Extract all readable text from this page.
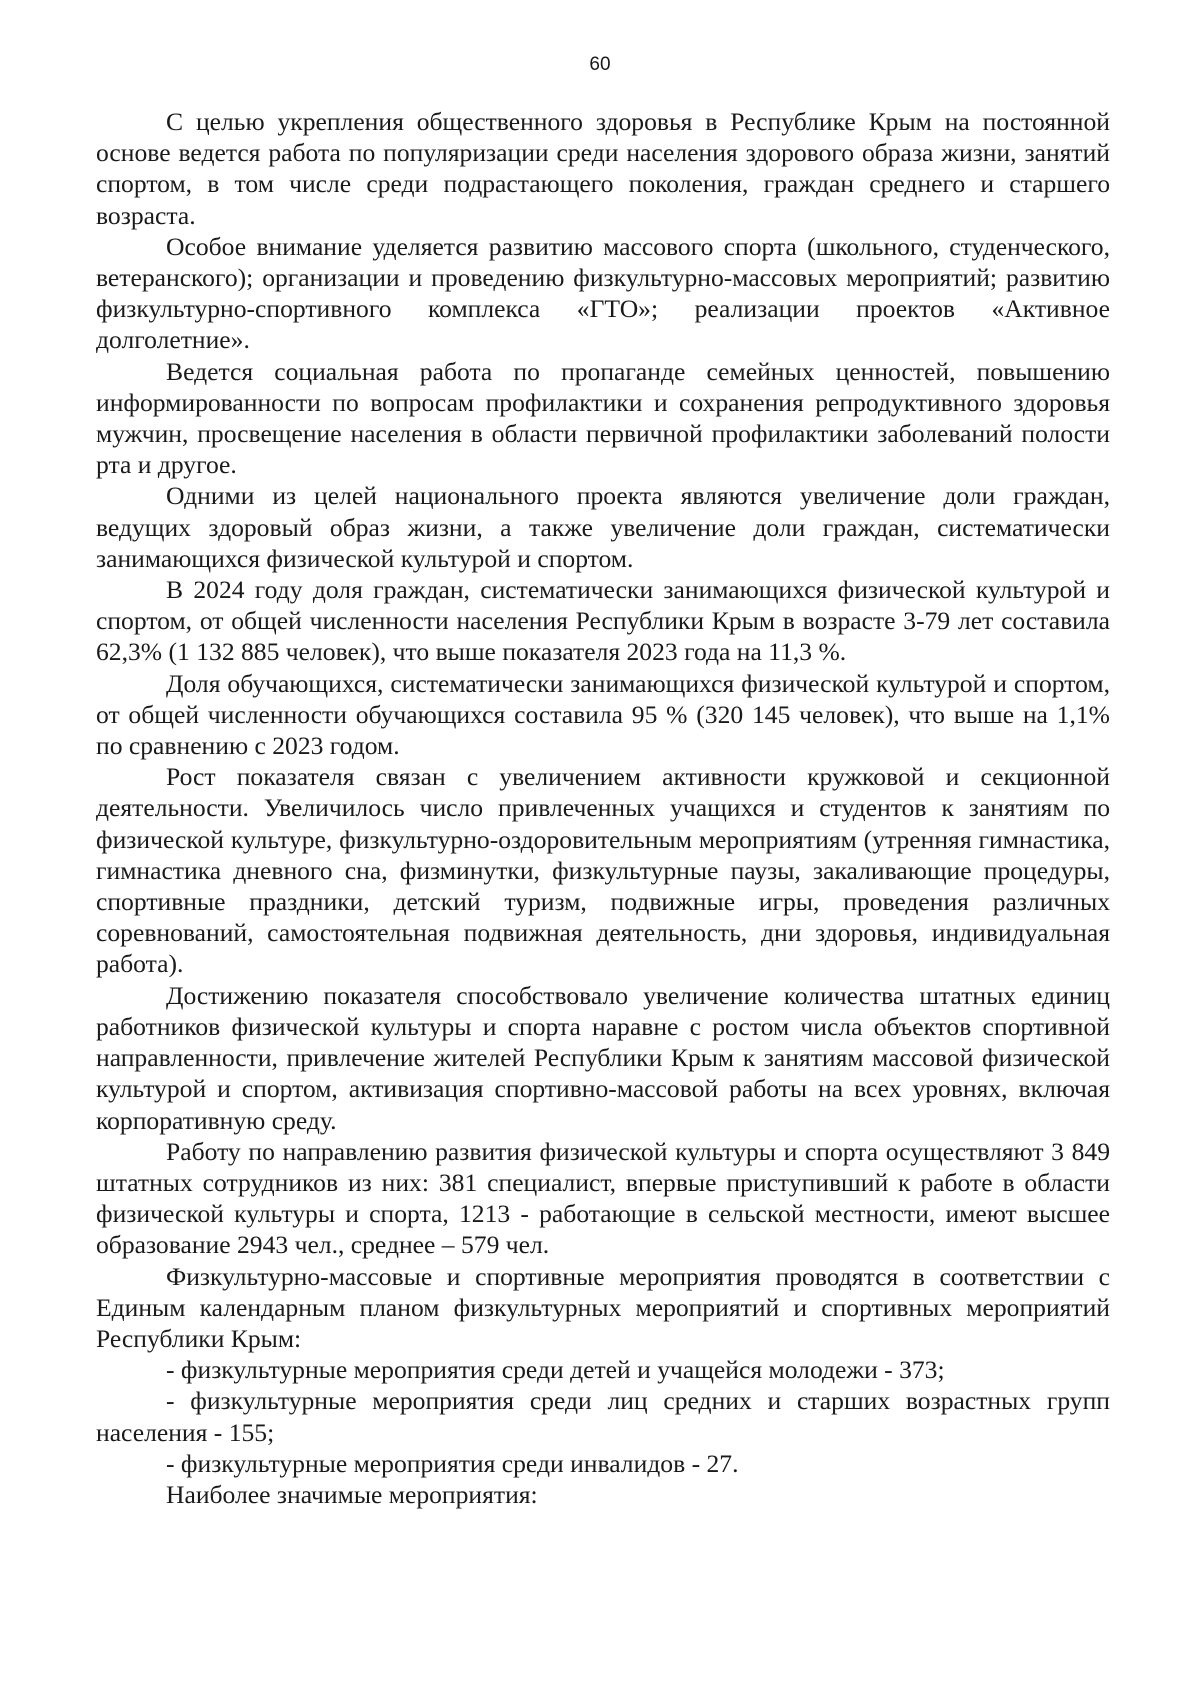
60

С целью укрепления общественного здоровья в Республике Крым на постоянной основе ведется работа по популяризации среди населения здорового образа жизни, занятий спортом, в том числе среди подрастающего поколения, граждан среднего и старшего возраста.

Особое внимание уделяется развитию массового спорта (школьного, студенческого, ветеранского); организации и проведению физкультурно-массовых мероприятий; развитию физкультурно-спортивного комплекса «ГТО»; реализации проектов «Активное долголетние».

Ведется социальная работа по пропаганде семейных ценностей, повышению информированности по вопросам профилактики и сохранения репродуктивного здоровья мужчин, просвещение населения в области первичной профилактики заболеваний полости рта и другое.

Одними из целей национального проекта являются увеличение доли граждан, ведущих здоровый образ жизни, а также увеличение доли граждан, систематически занимающихся физической культурой и спортом.

В 2024 году доля граждан, систематически занимающихся физической культурой и спортом, от общей численности населения Республики Крым в возрасте 3-79 лет составила 62,3% (1 132 885 человек), что выше показателя 2023 года на 11,3 %.

Доля обучающихся, систематически занимающихся физической культурой и спортом, от общей численности обучающихся составила 95 % (320 145 человек), что выше на 1,1% по сравнению с 2023 годом.

Рост показателя связан с увеличением активности кружковой и секционной деятельности. Увеличилось число привлеченных учащихся и студентов к занятиям по физической культуре, физкультурно-оздоровительным мероприятиям (утренняя гимнастика, гимнастика дневного сна, физминутки, физкультурные паузы, закаливающие процедуры, спортивные праздники, детский туризм, подвижные игры, проведения различных соревнований, самостоятельная подвижная деятельность, дни здоровья, индивидуальная работа).

Достижению показателя способствовало увеличение количества штатных единиц работников физической культуры и спорта наравне с ростом числа объектов спортивной направленности, привлечение жителей Республики Крым к занятиям массовой физической культурой и спортом, активизация спортивно-массовой работы на всех уровнях, включая корпоративную среду.

Работу по направлению развития физической культуры и спорта осуществляют 3 849 штатных сотрудников из них: 381 специалист, впервые приступивший к работе в области физической культуры и спорта, 1213 - работающие в сельской местности, имеют высшее образование 2943 чел., среднее – 579 чел.

Физкультурно-массовые и спортивные мероприятия проводятся в соответствии с Единым календарным планом физкультурных мероприятий и спортивных мероприятий Республики Крым:

- физкультурные мероприятия среди детей и учащейся молодежи - 373;

- физкультурные мероприятия среди лиц средних и старших возрастных групп населения - 155;

- физкультурные мероприятия среди инвалидов - 27.

Наиболее значимые мероприятия:
